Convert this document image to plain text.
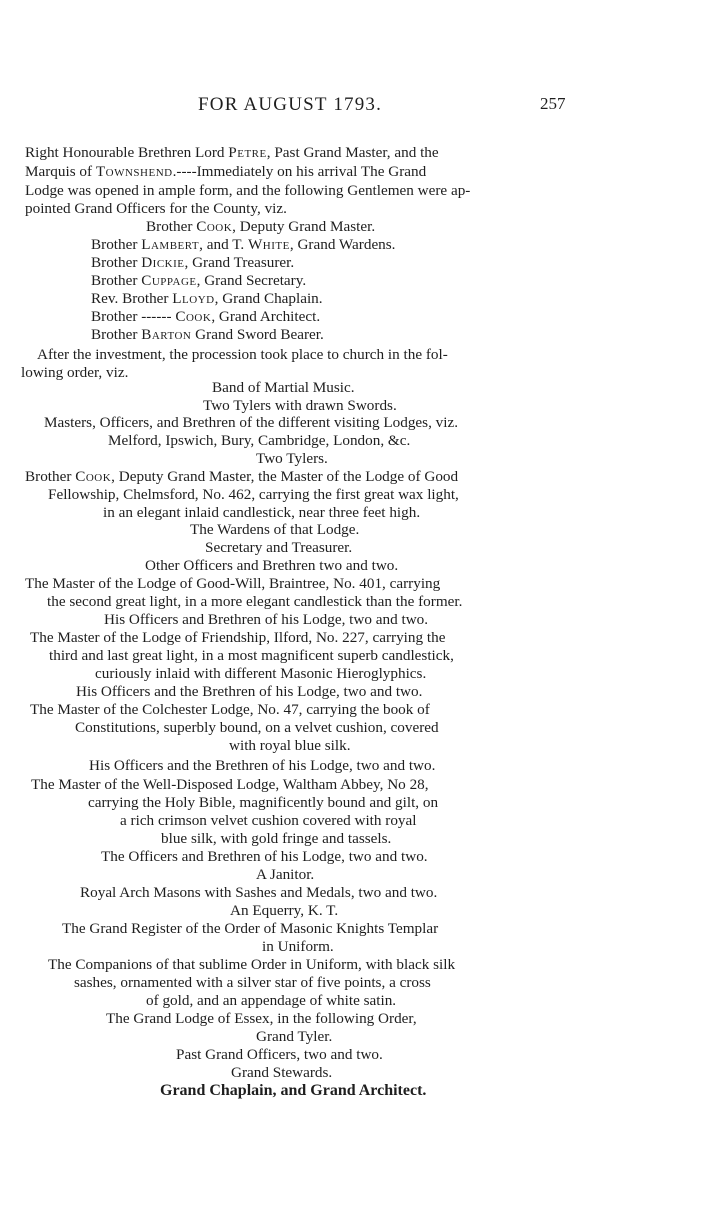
FOR AUGUST 1793.	257
Right Honourable Brethren Lord Petre, Past Grand Master, and the
Marquis of Townshend.----Immediately on his arrival The Grand
Lodge was opened in ample form, and the following Gentlemen were ap-
pointed Grand Officers for the County, viz.
Brother Cook, Deputy Grand Master.
Brother Lambert, and T. White, Grand Wardens.
Brother Dickie, Grand Treasurer.
Brother Cuppage, Grand Secretary.
Rev. Brother Lloyd, Grand Chaplain.
Brother ------ Cook, Grand Architect.
Brother Barton Grand Sword Bearer.
After the investment, the procession took place to church in the fol-
lowing order, viz.
Band of Martial Music.
Two Tylers with drawn Swords.
Masters, Officers, and Brethren of the different visiting Lodges, viz.
Melford, Ipswich, Bury, Cambridge, London, &c.
Two Tylers.
Brother Cook, Deputy Grand Master, the Master of the Lodge of Good
Fellowship, Chelmsford, No. 462, carrying the first great wax light,
in an elegant inlaid candlestick, near three feet high.
The Wardens of that Lodge.
Secretary and Treasurer.
Other Officers and Brethren two and two.
The Master of the Lodge of Good-Will, Braintree, No. 401, carrying
the second great light, in a more elegant candlestick than the former.
His Officers and Brethren of his Lodge, two and two.
The Master of the Lodge of Friendship, Ilford, No. 227, carrying the
third and last great light, in a most magnificent superb candlestick,
curiously inlaid with different Masonic Hieroglyphics.
His Officers and the Brethren of his Lodge, two and two.
The Master of the Colchester Lodge, No. 47, carrying the book of
Constitutions, superbly bound, on a velvet cushion, covered
with royal blue silk.
His Officers and the Brethren of his Lodge, two and two.
The Master of the Well-Disposed Lodge, Waltham Abbey, No 28,
carrying the Holy Bible, magnificently bound and gilt, on
a rich crimson velvet cushion covered with royal
blue silk, with gold fringe and tassels.
The Officers and Brethren of his Lodge, two and two.
A Janitor.
Royal Arch Masons with Sashes and Medals, two and two.
An Equerry, K. T.
The Grand Register of the Order of Masonic Knights Templar
in Uniform.
The Companions of that sublime Order in Uniform, with black silk
sashes, ornamented with a silver star of five points, a cross
of gold, and an appendage of white satin.
The Grand Lodge of Essex, in the following Order,
Grand Tyler.
Past Grand Officers, two and two.
Grand Stewards.
Grand Chaplain, and Grand Architect.
